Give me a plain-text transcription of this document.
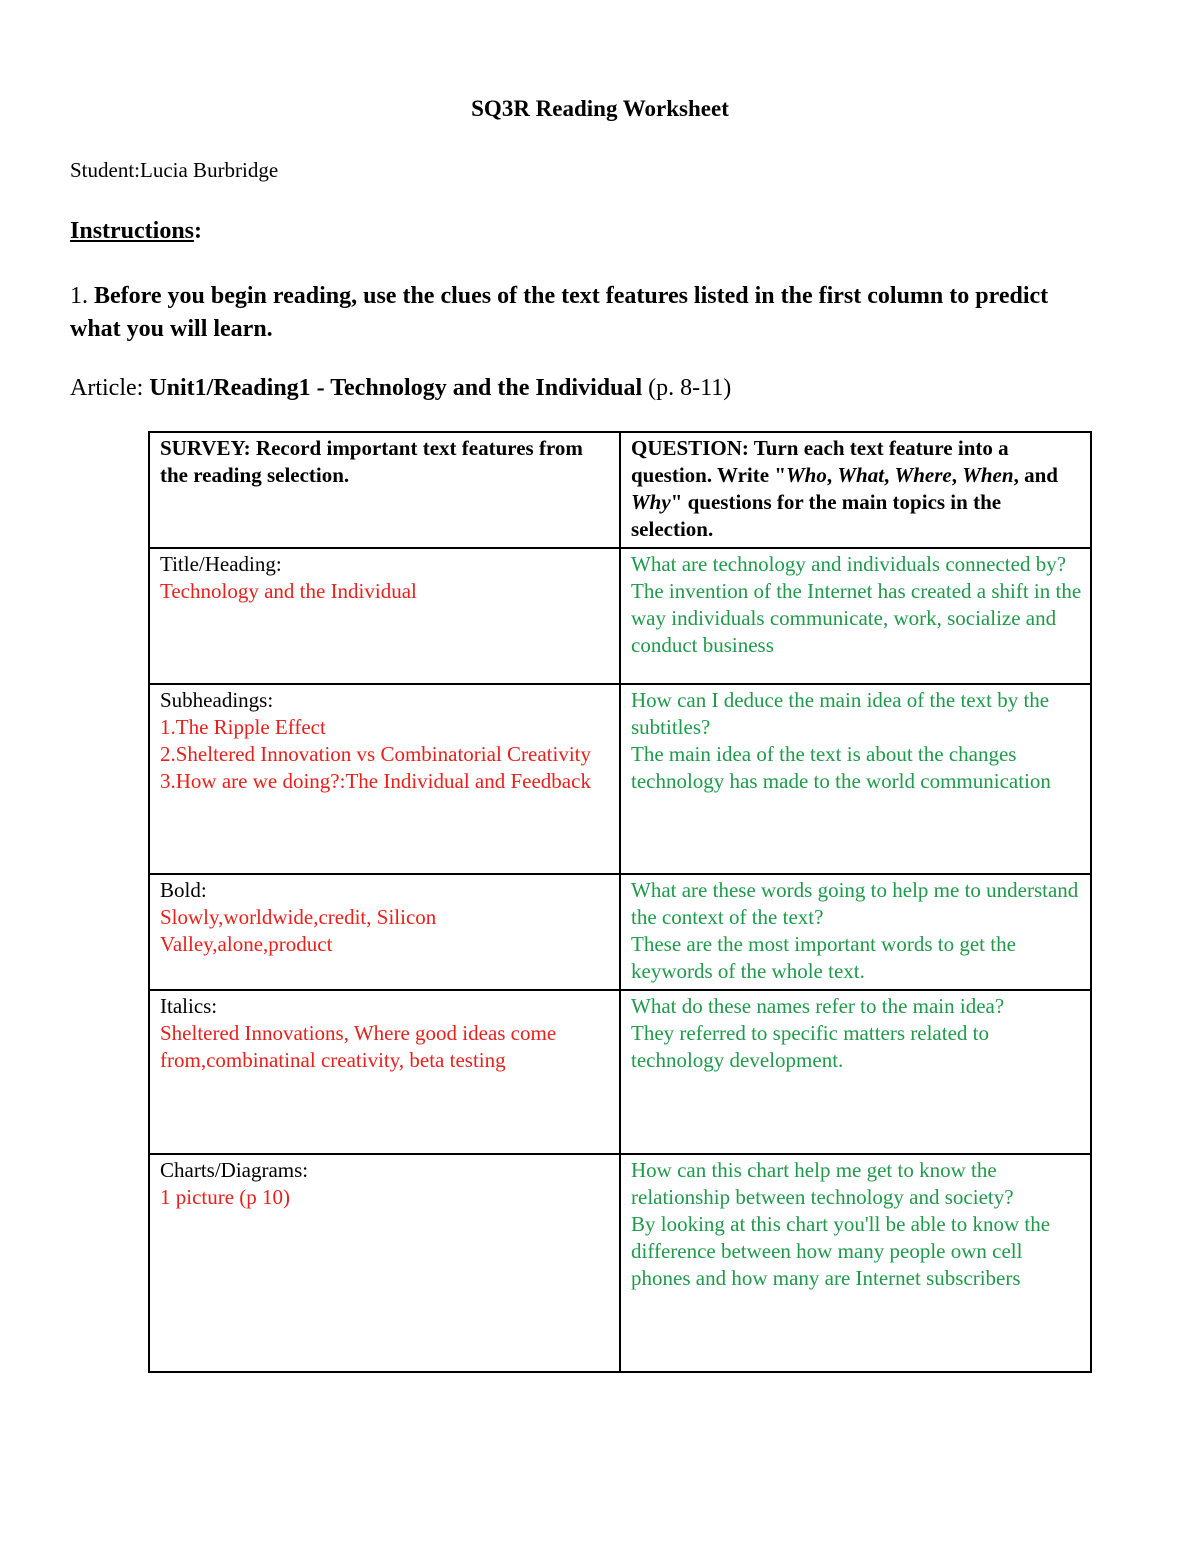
SQ3R Reading Worksheet
Student:Lucia Burbridge
Instructions:
1. Before you begin reading, use the clues of the text features listed in the first column to predict what you will learn.
Article: Unit1/Reading1 - Technology and the Individual (p. 8-11)
SURVEY: Record important text features from the reading selection.	QUESTION: Turn each text feature into a question. Write "Who, What, Where, When, and Why" questions for the main topics in the selection.

Title/Heading:
Technology and the Individual	What are technology and individuals connected by?
The invention of the Internet has created a shift in the way individuals communicate, work, socialize and conduct business

Subheadings:
1.The Ripple Effect
2.Sheltered Innovation vs Combinatorial Creativity
3.How are we doing?:The Individual and Feedback	How can I deduce the main idea of the text by the subtitles?
The main idea of the text is about the changes technology has made to the world communication

Bold:
Slowly,worldwide,credit, Silicon Valley,alone,product	What are these words going to help me to understand the context of the text?
These are the most important words to get the keywords of the whole text.

Italics:
Sheltered Innovations, Where good ideas come from,combinatinal creativity, beta testing	What do these names refer to the main idea?
They referred to specific matters related to technology development.

Charts/Diagrams:
1 picture (p 10)	How can this chart help me get to know the relationship between technology and society?
By looking at this chart you'll be able to know the difference between how many people own cell phones and how many are Internet subscribers
